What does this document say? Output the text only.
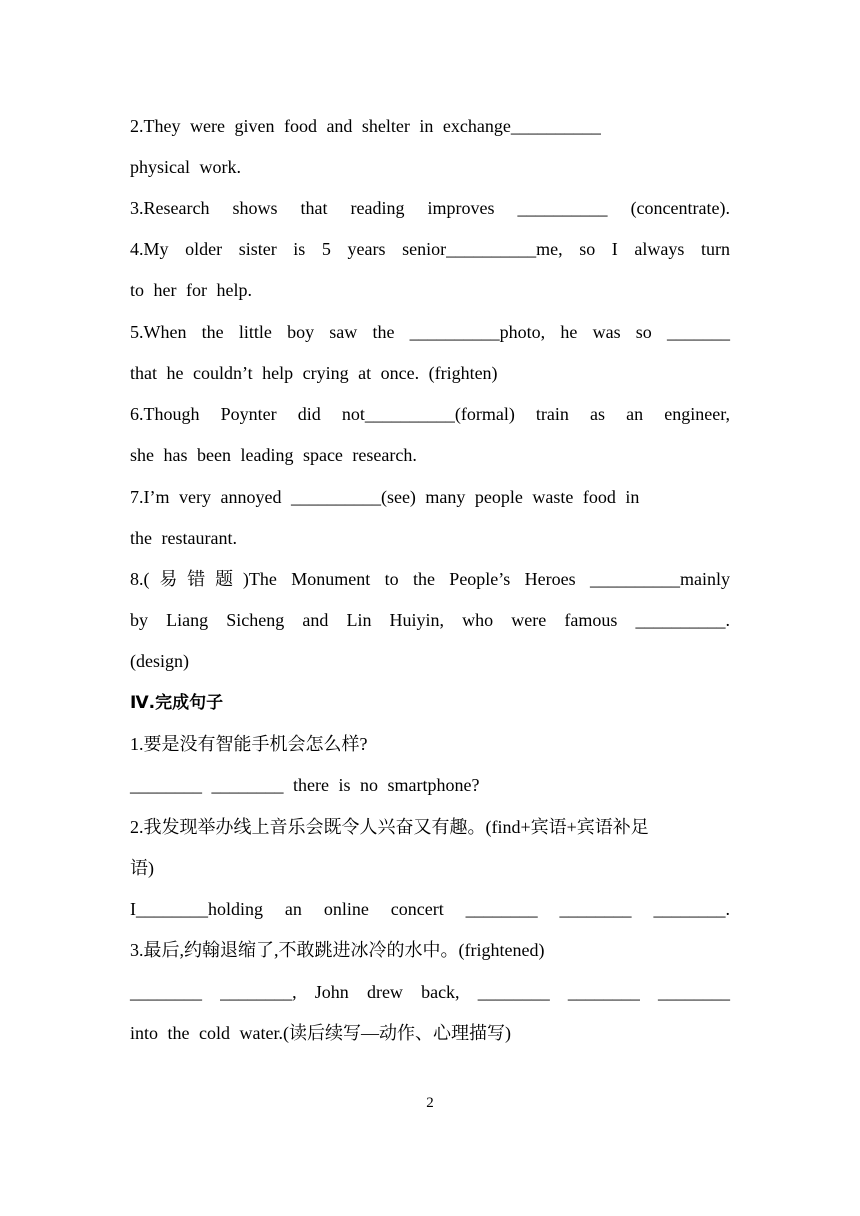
2.They were given food and shelter in exchange__________
physical work.
3.Research shows that reading improves __________ (concentrate).
4.My older sister is 5 years senior__________me, so I always turn
to her for help.
5.When the little boy saw the __________photo, he was so _______
that he couldn’t help crying at once. (frighten)
6.Though Poynter did not__________(formal) train as an engineer,
she has been leading space research.
7.I’m very annoyed __________(see) many people waste food in
the restaurant.
8.(易错题)The Monument to the People’s Heroes __________mainly
by Liang Sicheng and Lin Huiyin, who were famous __________.
(design)
Ⅳ.完成句子
1.要是没有智能手机会怎么样?
________ ________ there is no smartphone?
2.我发现举办线上音乐会既令人兴奋又有趣。(find+宾语+宾语补足
语)
I________holding an online concert ________ ________ ________.
3.最后,约翰退缩了,不敢跳进冰冷的水中。(frightened)
________ ________, John drew back, ________ ________ ________
into the cold water.(读后续写—动作、心理描写)
2
